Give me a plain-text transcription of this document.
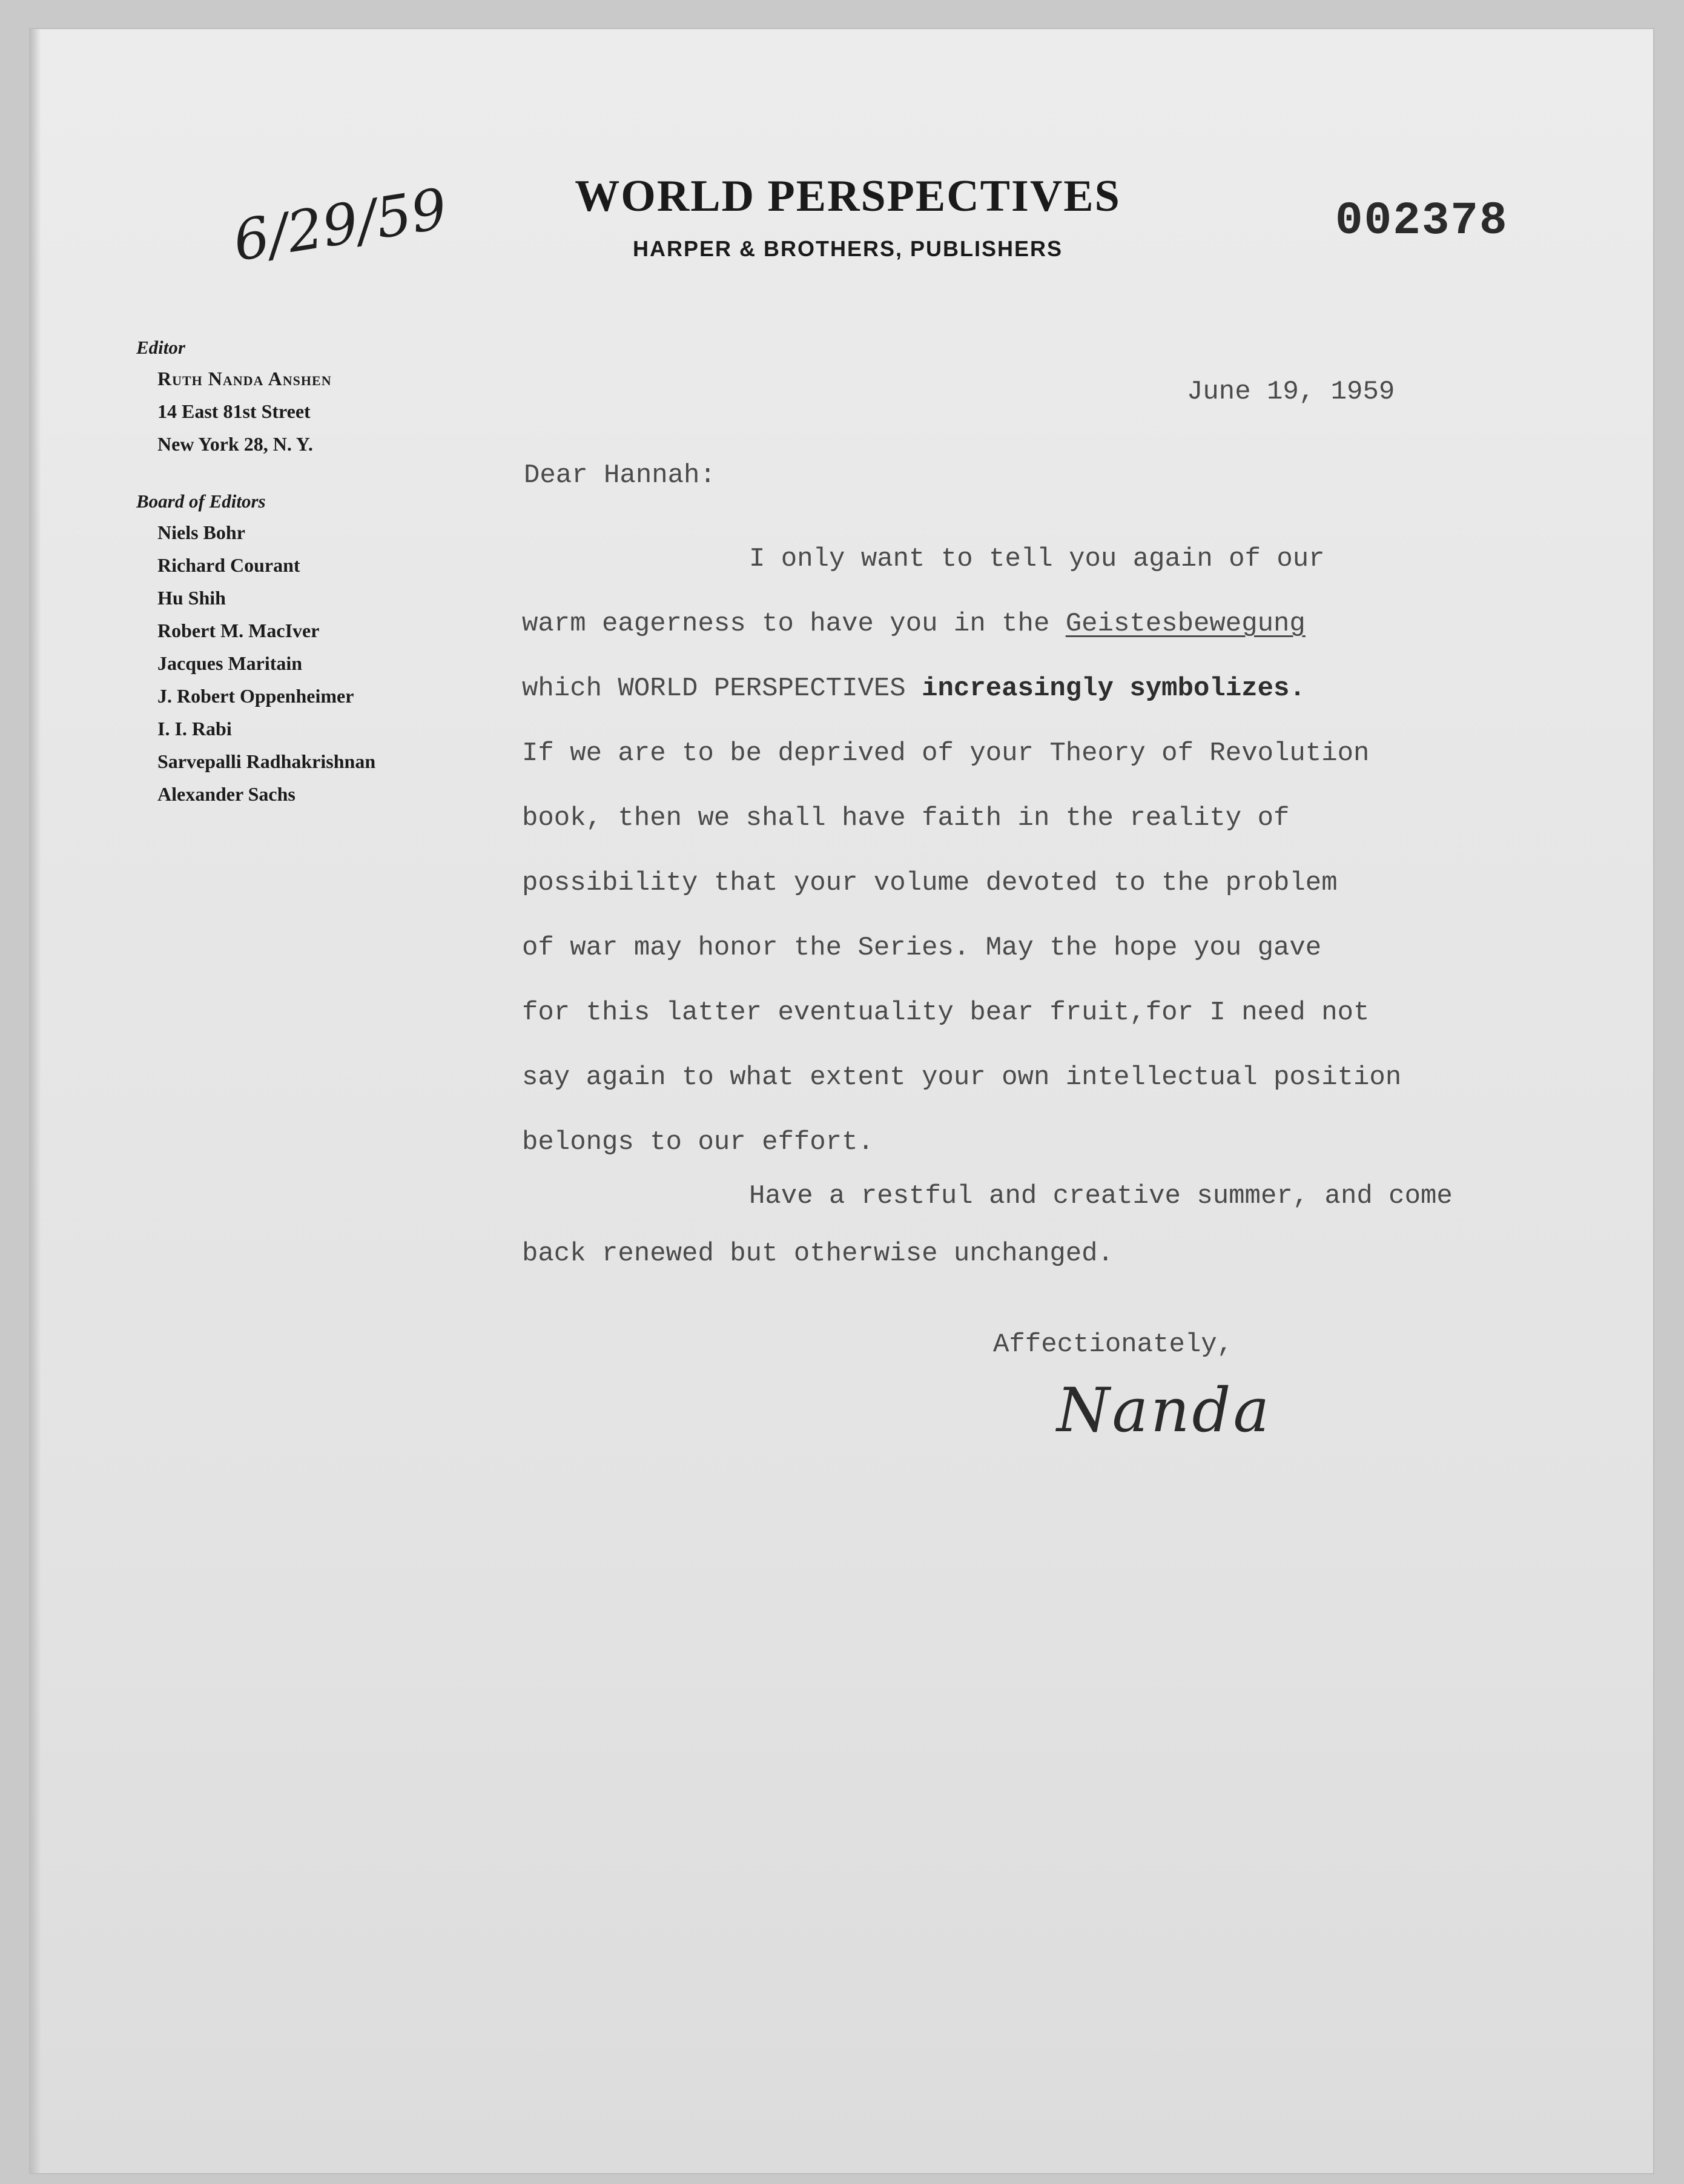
WORLD PERSPECTIVES
HARPER & BROTHERS, PUBLISHERS
002378
6/29/59
Editor
Ruth Nanda Anshen
14 East 81st Street
New York 28, N. Y.
Board of Editors
Niels Bohr
Richard Courant
Hu Shih
Robert M. MacIver
Jacques Maritain
J. Robert Oppenheimer
I. I. Rabi
Sarvepalli Radhakrishnan
Alexander Sachs
June 19, 1959
Dear Hannah:
I only want to tell you again of our
warm eagerness to have you in the Geistesbewegung
which WORLD PERSPECTIVES increasingly symbolizes.
If we are to be deprived of your Theory of Revolution
book, then we shall have faith in the reality of
possibility that your volume devoted to the problem
of war may honor the Series. May the hope you gave
for this latter eventuality bear fruit,for I need not
say again to what extent your own intellectual position
belongs to our effort.
Have a restful and creative summer, and come
back renewed but otherwise unchanged.
Affectionately,
Nanda
